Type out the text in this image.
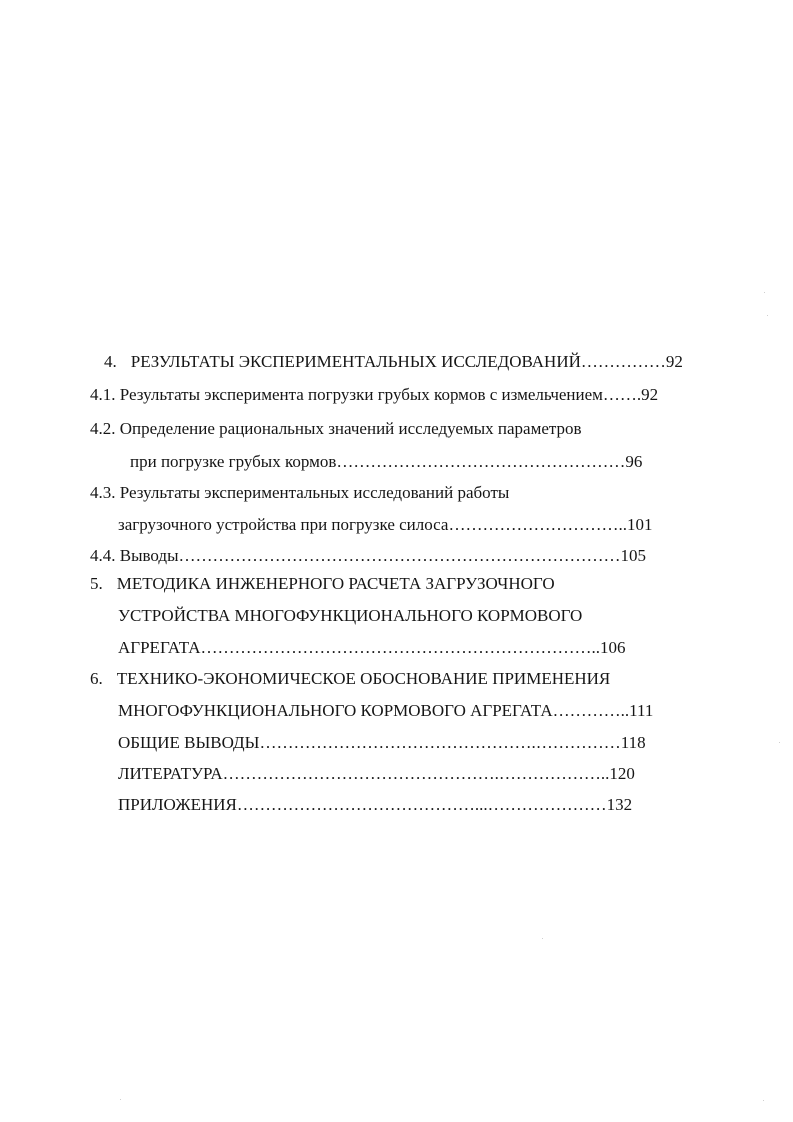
4. РЕЗУЛЬТАТЫ ЭКСПЕРИМЕНТАЛЬНЫХ ИССЛЕДОВАНИЙ……………92
4.1. Результаты эксперимента погрузки грубых кормов с измельчением…….92
4.2. Определение рациональных значений исследуемых параметров
при погрузке грубых кормов……………………………………………96
4.3. Результаты экспериментальных исследований работы
загрузочного устройства при погрузке силоса…………………………..101
4.4. Выводы……………………………………………………………………105
5. МЕТОДИКА ИНЖЕНЕРНОГО РАСЧЕТА ЗАГРУЗОЧНОГО
УСТРОЙСТВА МНОГОФУНКЦИОНАЛЬНОГО КОРМОВОГО
АГРЕГАТА……………………………………………………………..106
6. ТЕХНИКО-ЭКОНОМИЧЕСКОЕ ОБОСНОВАНИЕ ПРИМЕНЕНИЯ
МНОГОФУНКЦИОНАЛЬНОГО КОРМОВОГО АГРЕГАТА…………..111
ОБЩИЕ ВЫВОДЫ………………………………………….……………118
ЛИТЕРАТУРА………………………………………….………………..120
ПРИЛОЖЕНИЯ……………………………………...…………………132
